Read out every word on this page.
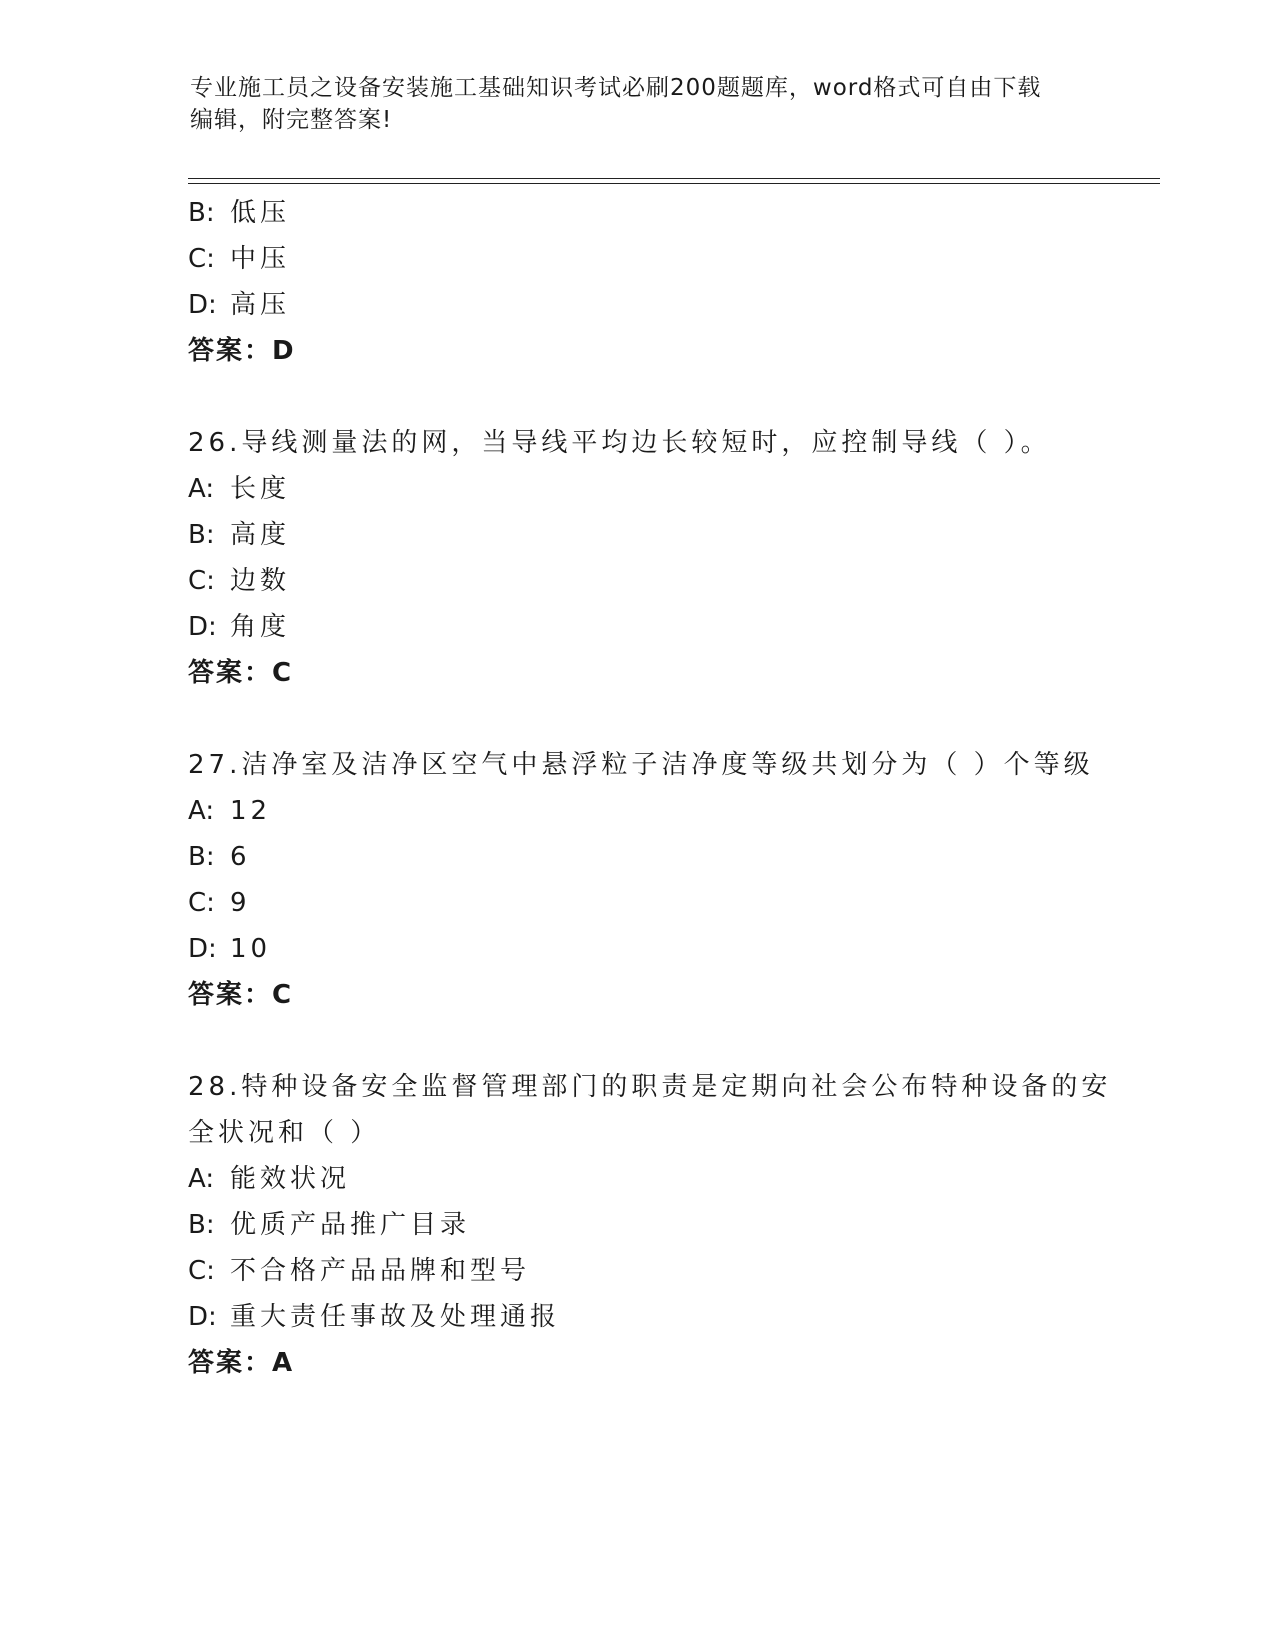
专业施工员之设备安装施工基础知识考试必刷200题题库，word格式可自由下载
编辑，附完整答案!

B: 低压

C: 中压

D: 高压

答案：D

26.导线测量法的网，当导线平均边长较短时，应控制导线（ ）。

A: 长度

B: 高度

C: 边数

D: 角度

答案：C

27.洁净室及洁净区空气中悬浮粒子洁净度等级共划分为（ ）个等级

A: 12

B: 6

C: 9

D: 10

答案：C

28.特种设备安全监督管理部门的职责是定期向社会公布特种设备的安

全状况和（ ）

A: 能效状况

B: 优质产品推广目录

C: 不合格产品品牌和型号

D: 重大责任事故及处理通报

答案：A
